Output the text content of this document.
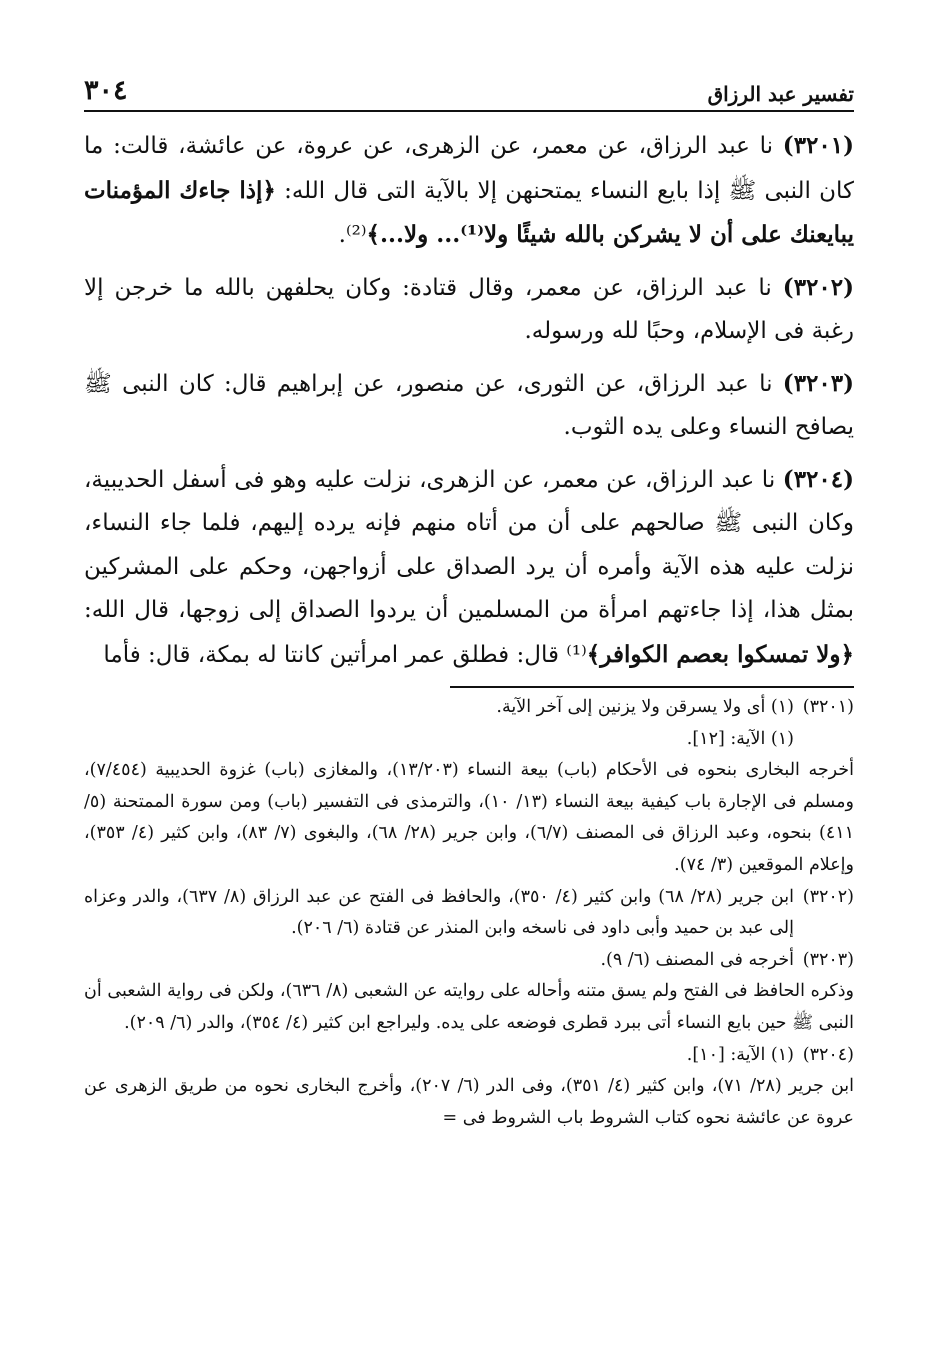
٣٠٤	تفسير عبد الرزاق

(٣٢٠١) نا عبد الرزاق، عن معمر، عن الزهرى، عن عروة، عن عائشة، قالت: ما كان النبى ﷺ إذا بايع النساء يمتحنهن إلا بالآية التى قال الله: ﴿إذا جاءك المؤمنات يبايعنك على أن لا يشركن بالله شيئًا ولا⁽¹⁾... ولا...﴾⁽²⁾.

(٣٢٠٢) نا عبد الرزاق، عن معمر، وقال قتادة: وكان يحلفهن بالله ما خرجن إلا رغبة فى الإسلام، وحبًا لله ورسوله.

(٣٢٠٣) نا عبد الرزاق، عن الثورى، عن منصور، عن إبراهيم قال: كان النبى ﷺ يصافح النساء وعلى يده الثوب.

(٣٢٠٤) نا عبد الرزاق، عن معمر، عن الزهرى، نزلت عليه وهو فى أسفل الحديبية، وكان النبى ﷺ صالحهم على أن من أتاه منهم فإنه يرده إليهم، فلما جاء النساء، نزلت عليه هذه الآية وأمره أن يرد الصداق على أزواجهن، وحكم على المشركين بمثل هذا، إذا جاءتهم امرأة من المسلمين أن يردوا الصداق إلى زوجها، قال الله: ﴿ولا تمسكوا بعصم الكوافر﴾⁽¹⁾ قال: فطلق عمر امرأتين كانتا له بمكة، قال: فأما

(٣٢٠١)
(١) أى ولا يسرقن ولا يزنين إلى آخر الآية.

(١) الآية: [١٢].

أخرجه البخارى بنحوه فى الأحكام (باب) بيعة النساء (١٣/٢٠٣)، والمغازى (باب) غزوة الحديبية (٧/٤٥٤)، ومسلم فى الإجارة باب كيفية بيعة النساء (١٣/ ١٠)، والترمذى فى التفسير (باب) ومن سورة الممتحنة (٥/ ٤١١) بنحوه، وعبد الرزاق فى المصنف (٦/٧)، وابن جرير (٢٨/ ٦٨)، والبغوى (٧/ ٨٣)، وابن كثير (٤/ ٣٥٣)، وإعلام الموقعين (٣/ ٧٤).

(٣٢٠٢)
ابن جرير (٢٨/ ٦٨) وابن كثير (٤/ ٣٥٠)، والحافظ فى الفتح عن عبد الرزاق (٨/ ٦٣٧)، والدر وعزاه إلى عبد بن حميد وأبى داود فى ناسخه وابن المنذر عن قتادة (٦/ ٢٠٦).
(٣٢٠٣)
أخرجه فى المصنف (٦/ ٩).

وذكره الحافظ فى الفتح ولم يسق متنه وأحاله على روايته عن الشعبى (٨/ ٦٣٦)، ولكن فى رواية الشعبى أن النبى ﷺ حين بايع النساء أتى ببرد قطرى فوضعه على يده. وليراجع ابن كثير (٤/ ٣٥٤)، والدر (٦/ ٢٠٩).

(٣٢٠٤)
(١) الآية: [١٠].

ابن جرير (٢٨/ ٧١)، وابن كثير (٤/ ٣٥١)، وفى الدر (٦/ ٢٠٧)، وأخرج البخارى نحوه من طريق الزهرى عن عروة عن عائشة نحوه كتاب الشروط باب الشروط فى =
